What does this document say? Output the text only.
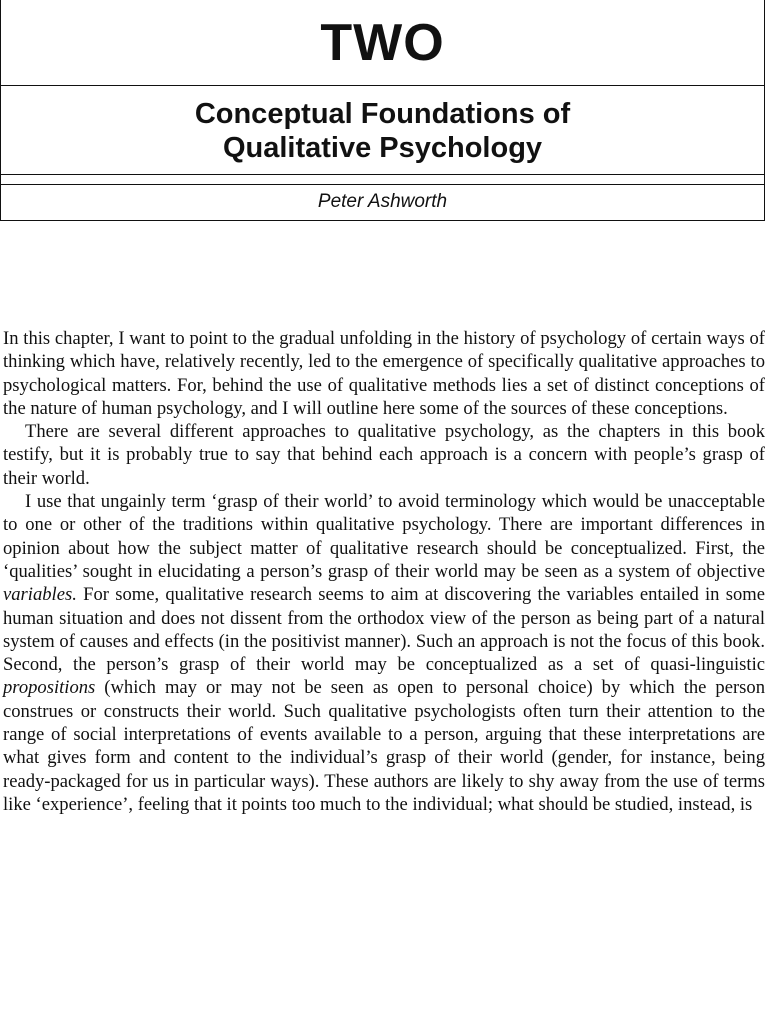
TWO
Conceptual Foundations of
Qualitative Psychology
Peter Ashworth

In this chapter, I want to point to the gradual unfolding in the history of psychology of certain ways of thinking which have, relatively recently, led to the emergence of specifically qualitative approaches to psychological matters. For, behind the use of qualitative methods lies a set of distinct conceptions of the nature of human psychology, and I will outline here some of the sources of these conceptions.

There are several different approaches to qualitative psychology, as the chapters in this book testify, but it is probably true to say that behind each approach is a concern with people’s grasp of their world.

I use that ungainly term ‘grasp of their world’ to avoid terminology which would be unacceptable to one or other of the traditions within qualitative psychology. There are important differences in opinion about how the subject matter of qualitative research should be conceptualized. First, the ‘qualities’ sought in elucidating a person’s grasp of their world may be seen as a system of objective variables. For some, qualitative research seems to aim at discovering the variables entailed in some human situation and does not dissent from the orthodox view of the person as being part of a natural system of causes and effects (in the positivist manner). Such an approach is not the focus of this book. Second, the person’s grasp of their world may be conceptualized as a set of quasi-linguistic propositions (which may or may not be seen as open to personal choice) by which the person construes or constructs their world. Such qualitative psychologists often turn their attention to the range of social interpretations of events available to a person, arguing that these interpretations are what gives form and content to the individual’s grasp of their world (gender, for instance, being ready-packaged for us in particular ways). These authors are likely to shy away from the use of terms like ‘experience’, feeling that it points too much to the individual; what should be studied, instead, is
